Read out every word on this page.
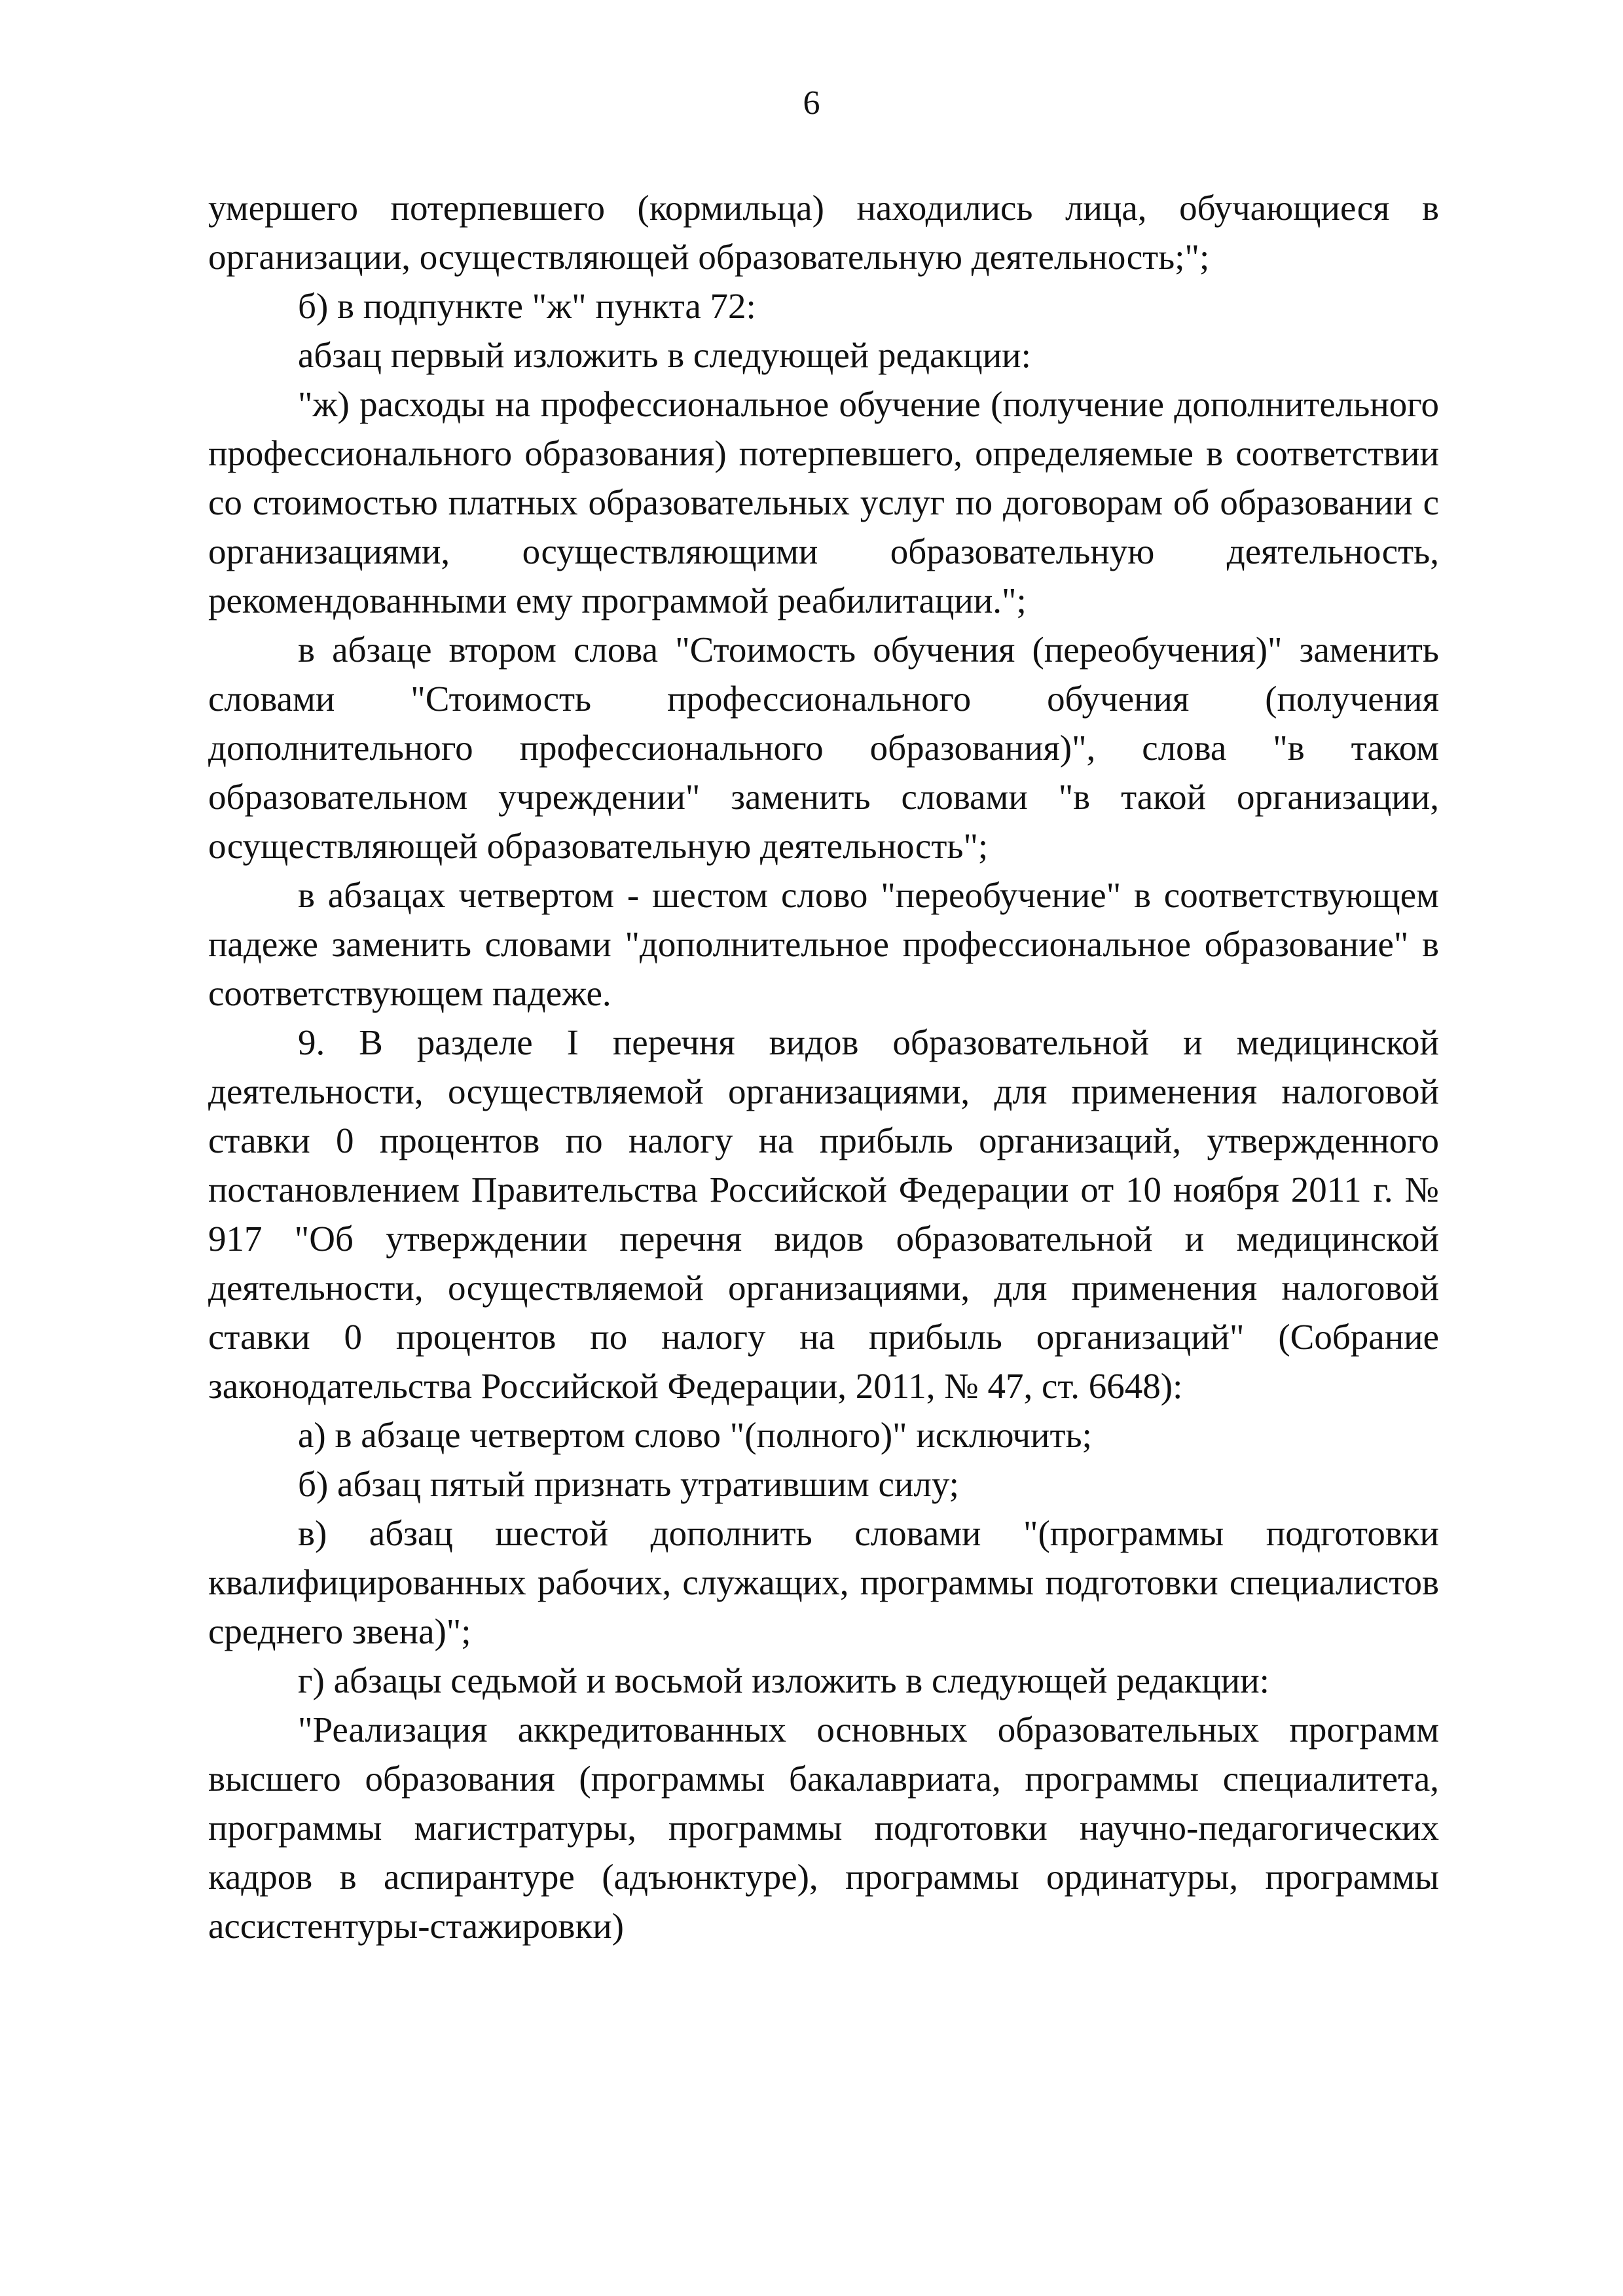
6

умершего потерпевшего (кормильца) находились лица, обучающиеся в организации, осуществляющей образовательную деятельность;";

б) в подпункте "ж" пункта 72:

абзац первый изложить в следующей редакции:

"ж) расходы на профессиональное обучение (получение дополнительного профессионального образования) потерпевшего, определяемые в соответствии со стоимостью платных образовательных услуг по договорам об образовании с организациями, осуществляющими образовательную деятельность, рекомендованными ему программой реабилитации.";

в абзаце втором слова "Стоимость обучения (переобучения)" заменить словами "Стоимость профессионального обучения (получения дополнительного профессионального образования)", слова "в таком образовательном учреждении" заменить словами "в такой организации, осуществляющей образовательную деятельность";

в абзацах четвертом - шестом слово "переобучение" в соответствующем падеже заменить словами "дополнительное профессиональное образование" в соответствующем падеже.

9. В разделе I перечня видов образовательной и медицинской деятельности, осуществляемой организациями, для применения налоговой ставки 0 процентов по налогу на прибыль организаций, утвержденного постановлением Правительства Российской Федерации от 10 ноября 2011 г. № 917 "Об утверждении перечня видов образовательной и медицинской деятельности, осуществляемой организациями, для применения налоговой ставки 0 процентов по налогу на прибыль организаций" (Собрание законодательства Российской Федерации, 2011, № 47, ст. 6648):

а) в абзаце четвертом слово "(полного)" исключить;

б) абзац пятый признать утратившим силу;

в) абзац шестой дополнить словами "(программы подготовки квалифицированных рабочих, служащих, программы подготовки специалистов среднего звена)";

г) абзацы седьмой и восьмой изложить в следующей редакции:

"Реализация аккредитованных основных образовательных программ высшего образования (программы бакалавриата, программы специалитета, программы магистратуры, программы подготовки научно-педагогических кадров в аспирантуре (адъюнктуре), программы ординатуры, программы ассистентуры-стажировки)
